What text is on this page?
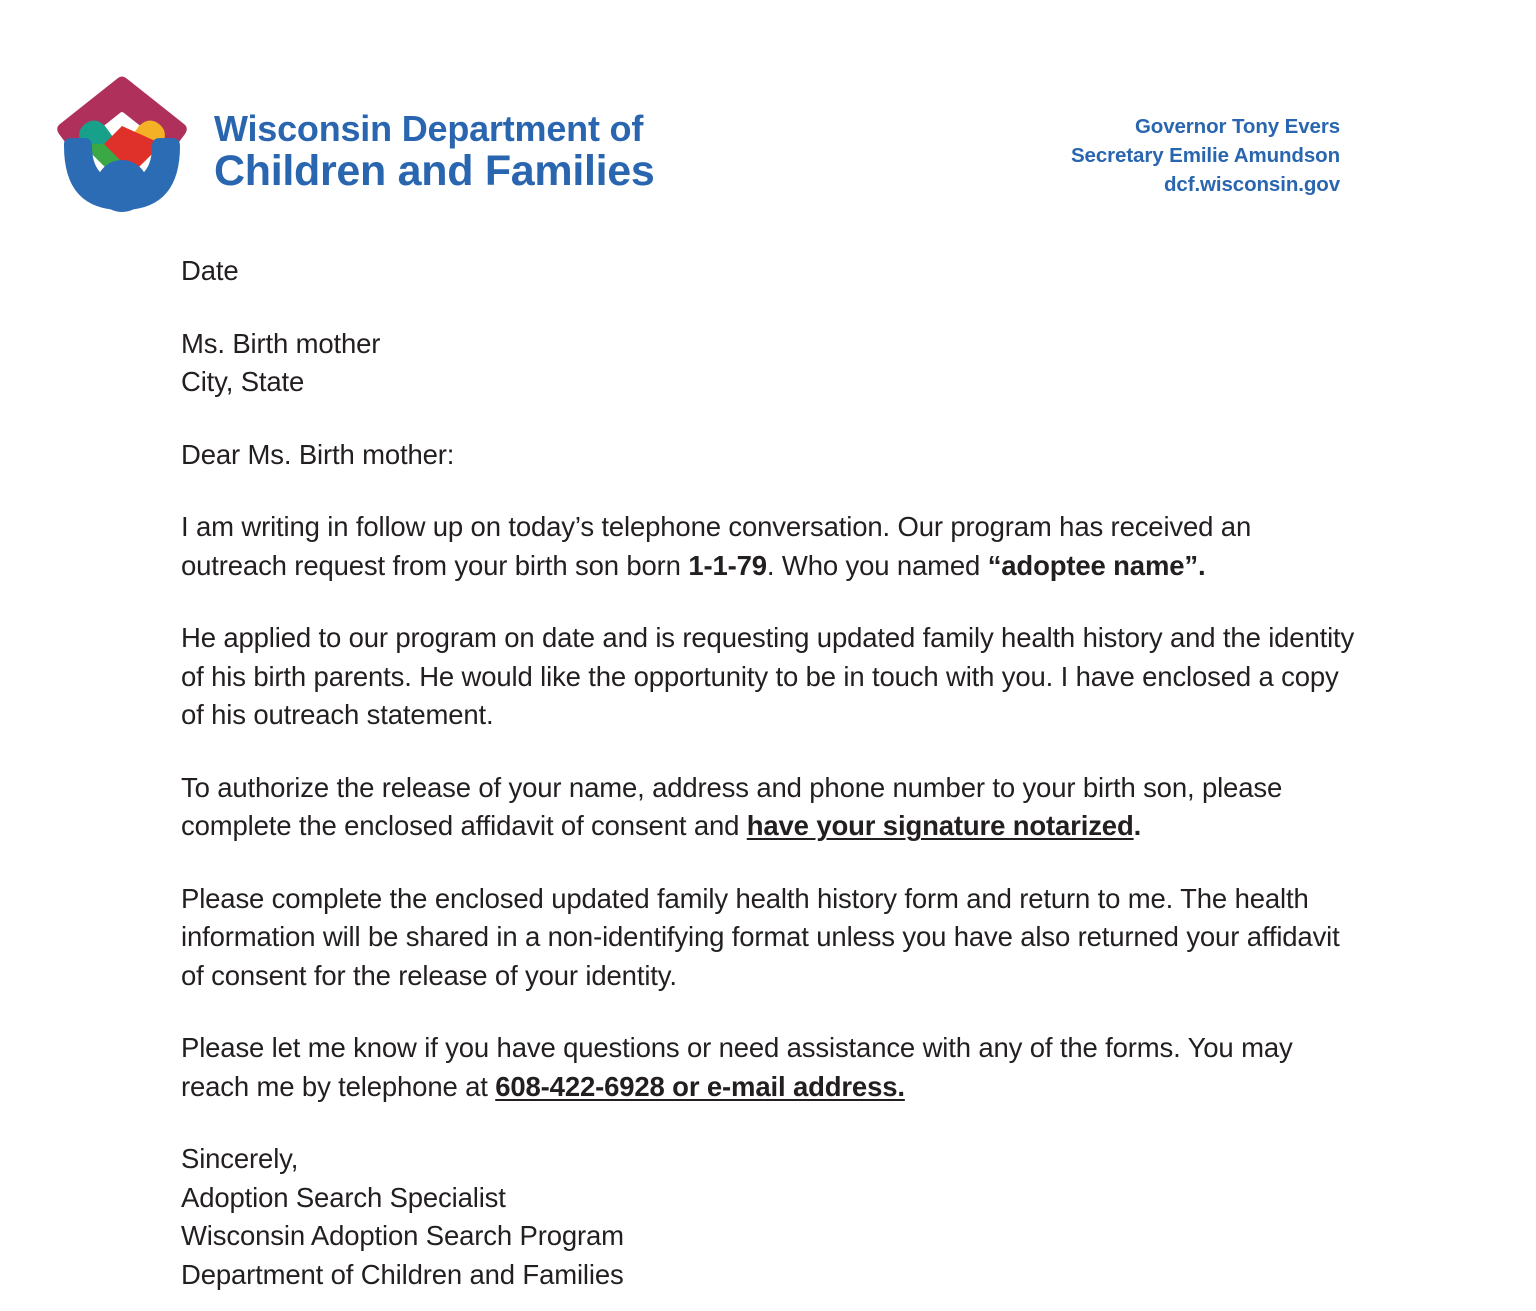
Wisconsin Department of
Children and Families
Governor Tony Evers
Secretary Emilie Amundson
dcf.wisconsin.gov
Date
Ms. Birth mother
City, State
Dear Ms. Birth mother:

I am writing in follow up on today’s telephone conversation. Our program has received an outreach request from your birth son born 1-1-79. Who you named “adoptee name”.

He applied to our program on date and is requesting updated family health history and the identity of his birth parents. He would like the opportunity to be in touch with you. I have enclosed a copy of his outreach statement.

To authorize the release of your name, address and phone number to your birth son, please complete the enclosed affidavit of consent and have your signature notarized.

Please complete the enclosed updated family health history form and return to me. The health information will be shared in a non-identifying format unless you have also returned your affidavit of consent for the release of your identity.

Please let me know if you have questions or need assistance with any of the forms. You may reach me by telephone at 608-422-6928 or e-mail address.

Sincerely,
Adoption Search Specialist
Wisconsin Adoption Search Program
Department of Children and Families
